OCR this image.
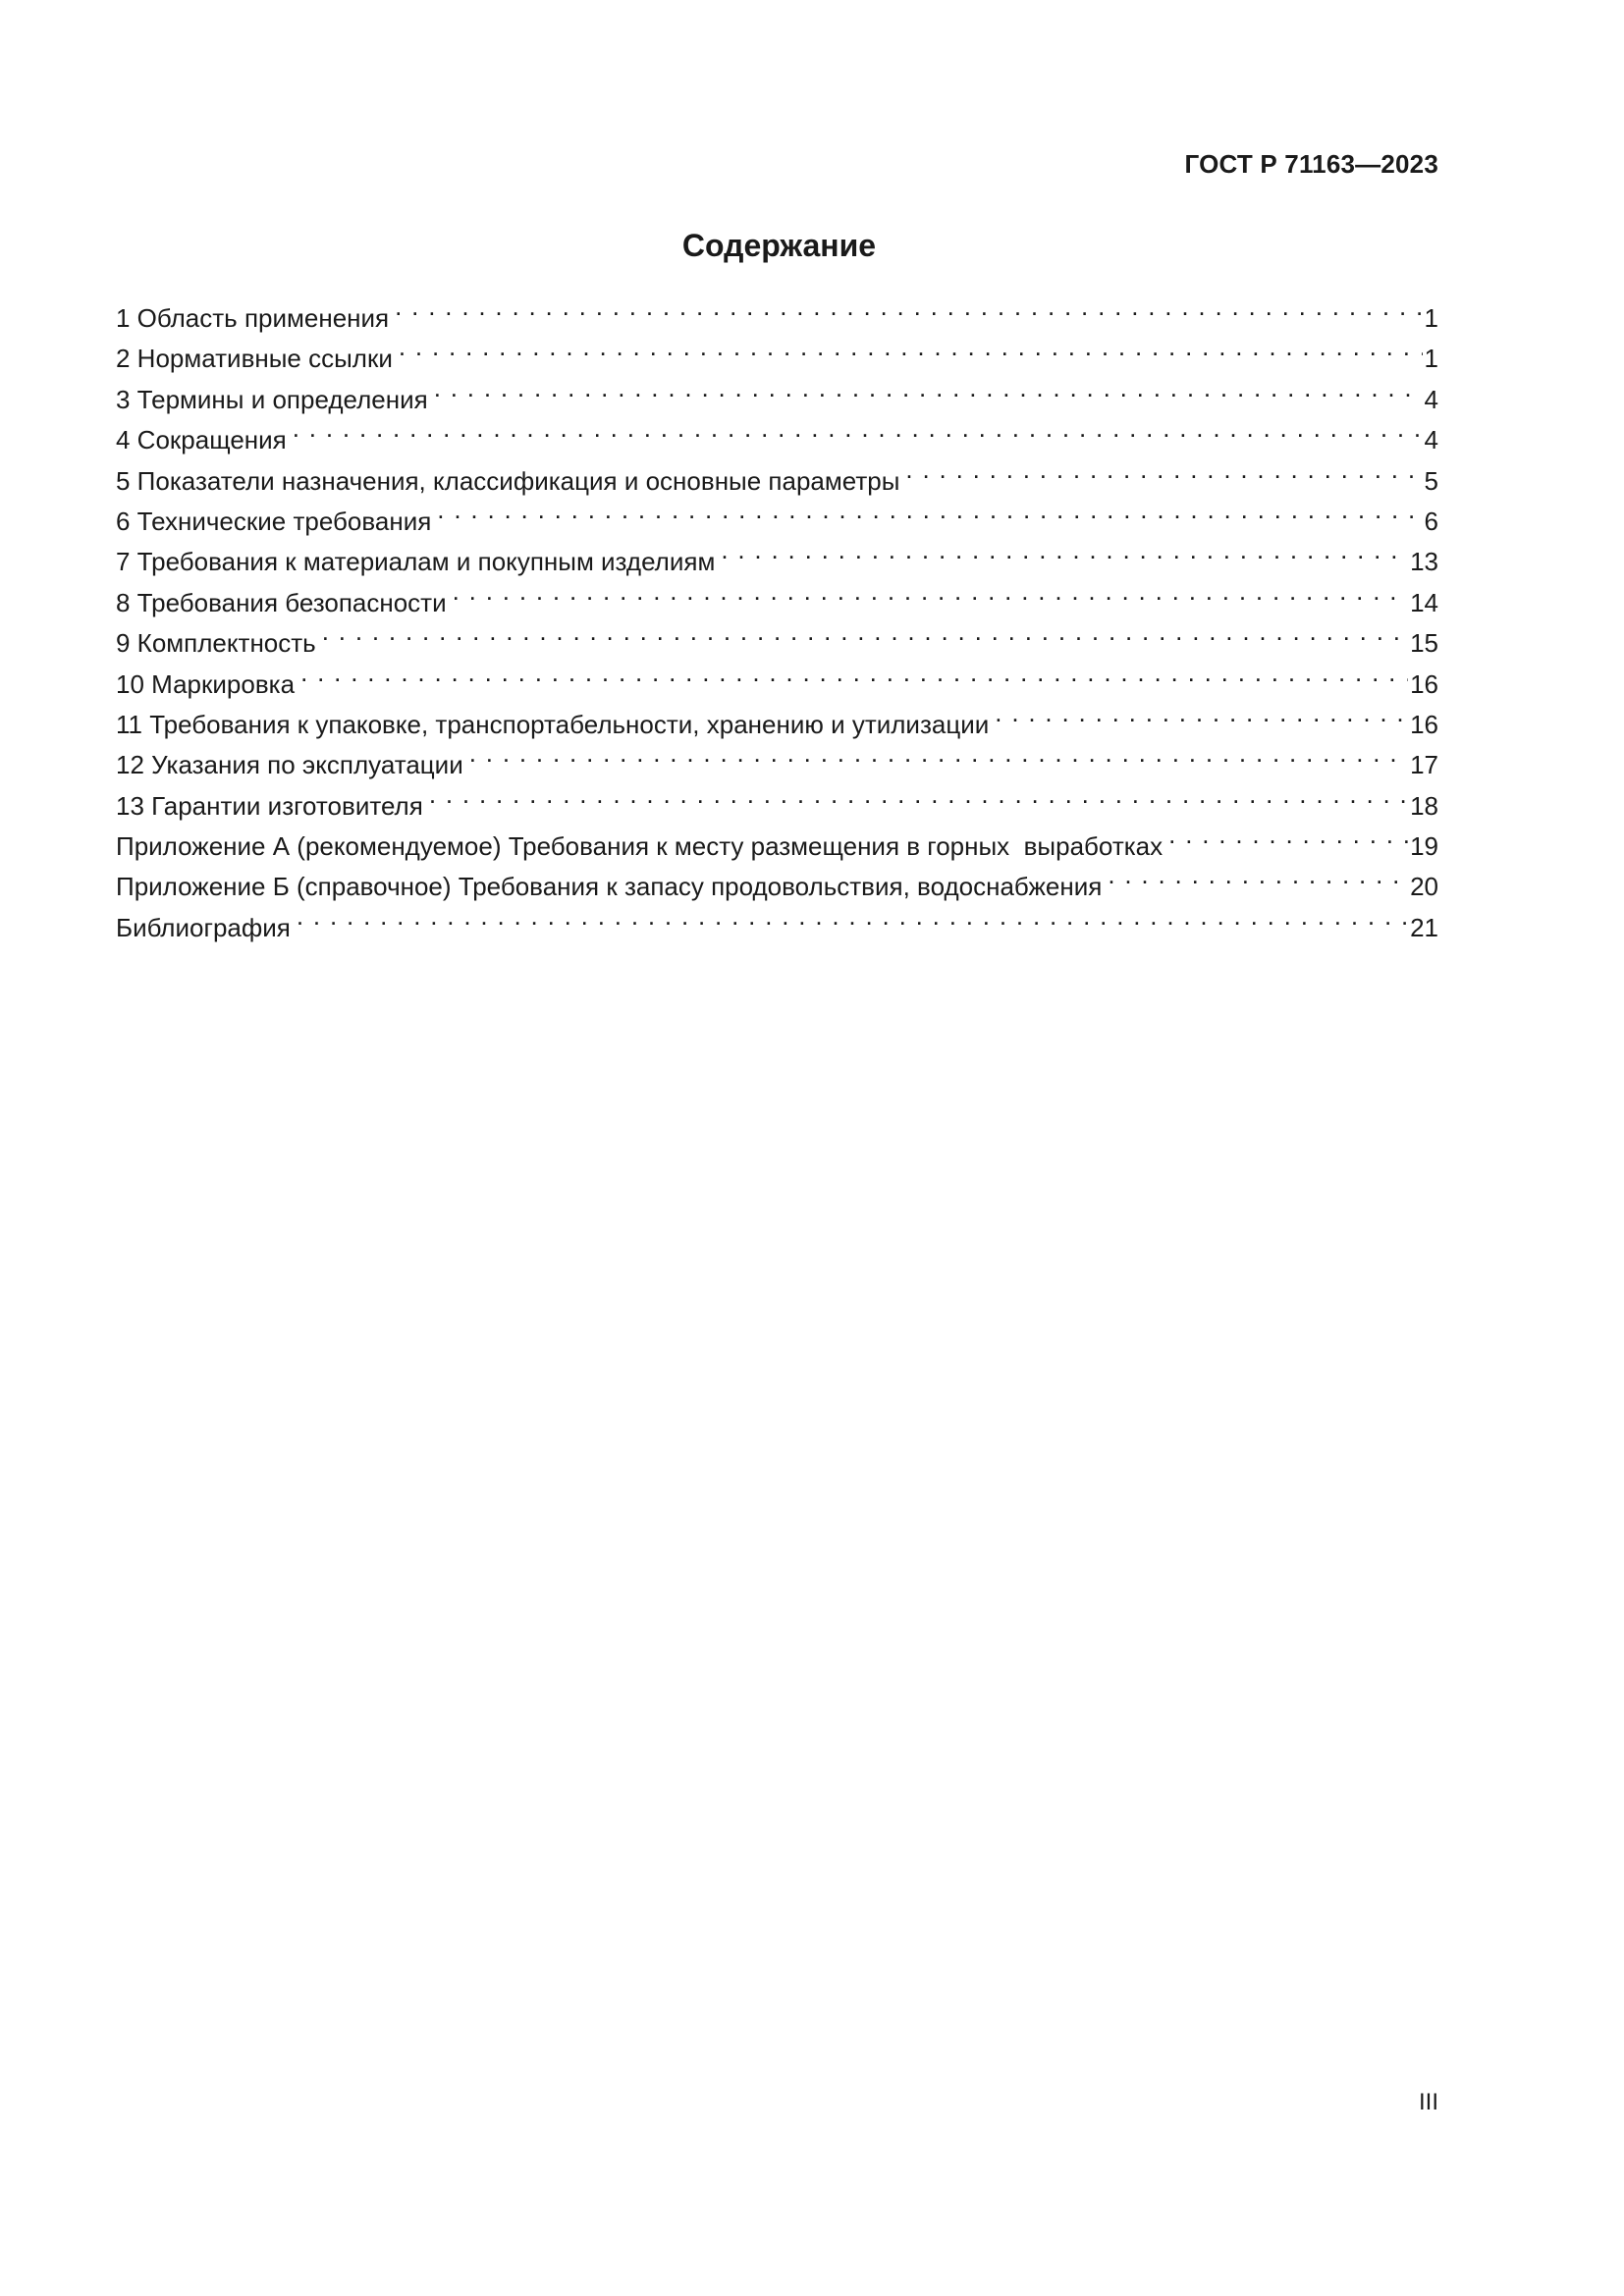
ГОСТ Р 71163—2023
Содержание
1 Область применения . . .	1
2 Нормативные ссылки . . .	1
3 Термины и определения . . .	4
4 Сокращения . . .	4
5 Показатели назначения, классификация и основные параметры . . .	5
6 Технические требования . . .	6
7 Требования к материалам и покупным изделиям . . .	13
8 Требования безопасности . . .	14
9 Комплектность . . .	15
10 Маркировка . . .	16
11 Требования к упаковке, транспортабельности, хранению и утилизации . . .	16
12 Указания по эксплуатации . . .	17
13 Гарантии изготовителя . . .	18
Приложение А (рекомендуемое) Требования к месту размещения в горных  выработках . . .	19
Приложение Б (справочное) Требования к запасу продовольствия, водоснабжения . . .	20
Библиография . . .	21
III
